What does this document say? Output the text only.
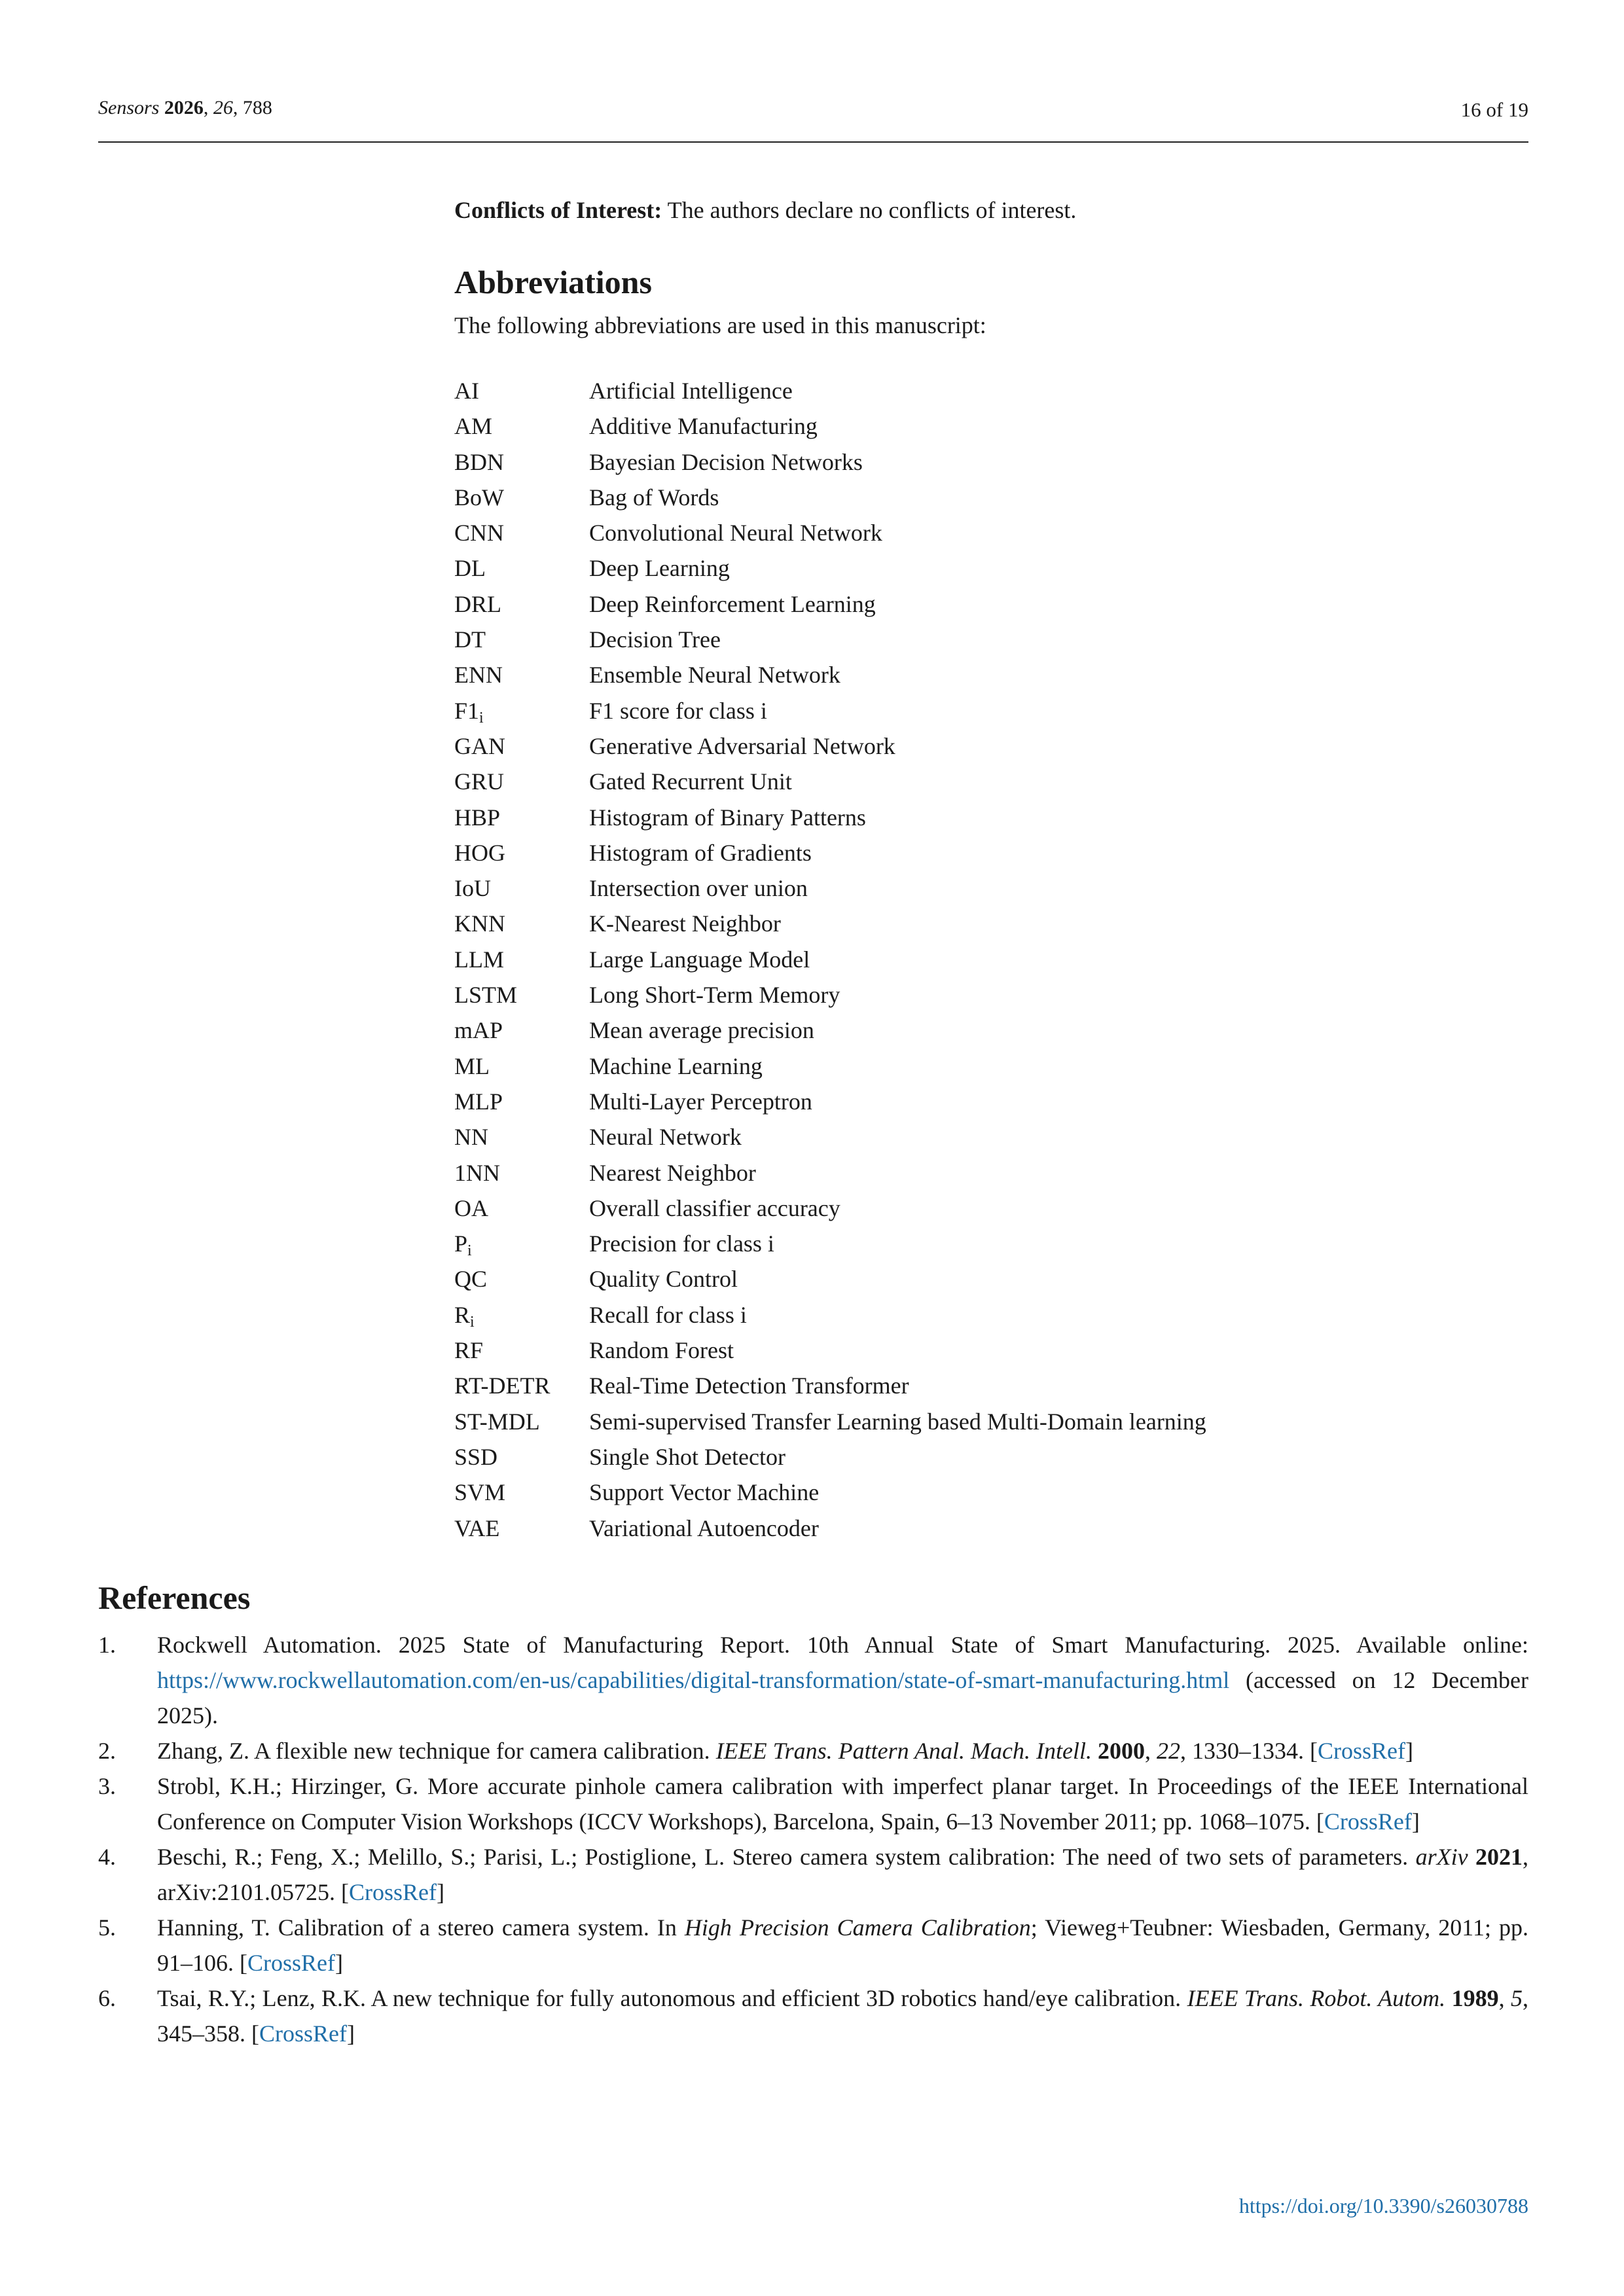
Sensors 2026, 26, 788	16 of 19
Conflicts of Interest: The authors declare no conflicts of interest.
Abbreviations
The following abbreviations are used in this manuscript:
AI	Artificial Intelligence
AM	Additive Manufacturing
BDN	Bayesian Decision Networks
BoW	Bag of Words
CNN	Convolutional Neural Network
DL	Deep Learning
DRL	Deep Reinforcement Learning
DT	Decision Tree
ENN	Ensemble Neural Network
$F1_i$	F1 score for class i
GAN	Generative Adversarial Network
GRU	Gated Recurrent Unit
HBP	Histogram of Binary Patterns
HOG	Histogram of Gradients
IoU	Intersection over union
KNN	K-Nearest Neighbor
LLM	Large Language Model
LSTM	Long Short-Term Memory
mAP	Mean average precision
ML	Machine Learning
MLP	Multi-Layer Perceptron
NN	Neural Network
1NN	Nearest Neighbor
OA	Overall classifier accuracy
$P_i$	Precision for class i
QC	Quality Control
$R_i$	Recall for class i
RF	Random Forest
RT-DETR Real-Time Detection Transformer
ST-MDL Semi-supervised Transfer Learning based Multi-Domain learning
SSD	Single Shot Detector
SVM	Support Vector Machine
VAE	Variational Autoencoder
References
1. Rockwell Automation. 2025 State of Manufacturing Report. 10th Annual State of Smart Manufacturing. 2025. Available online: https://www.rockwellautomation.com/en-us/capabilities/digital-transformation/state-of-smart-manufacturing.html (accessed on 12 December 2025).
2. Zhang, Z. A flexible new technique for camera calibration. IEEE Trans. Pattern Anal. Mach. Intell. 2000, 22, 1330–1334. [CrossRef]
3. Strobl, K.H.; Hirzinger, G. More accurate pinhole camera calibration with imperfect planar target. In Proceedings of the IEEE International Conference on Computer Vision Workshops (ICCV Workshops), Barcelona, Spain, 6–13 November 2011; pp. 1068–1075. [CrossRef]
4. Beschi, R.; Feng, X.; Melillo, S.; Parisi, L.; Postiglione, L. Stereo camera system calibration: The need of two sets of parameters. arXiv 2021, arXiv:2101.05725. [CrossRef]
5. Hanning, T. Calibration of a stereo camera system. In High Precision Camera Calibration; Vieweg+Teubner: Wiesbaden, Germany, 2011; pp. 91–106. [CrossRef]
6. Tsai, R.Y.; Lenz, R.K. A new technique for fully autonomous and efficient 3D robotics hand/eye calibration. IEEE Trans. Robot. Autom. 1989, 5, 345–358. [CrossRef]
https://doi.org/10.3390/s26030788
